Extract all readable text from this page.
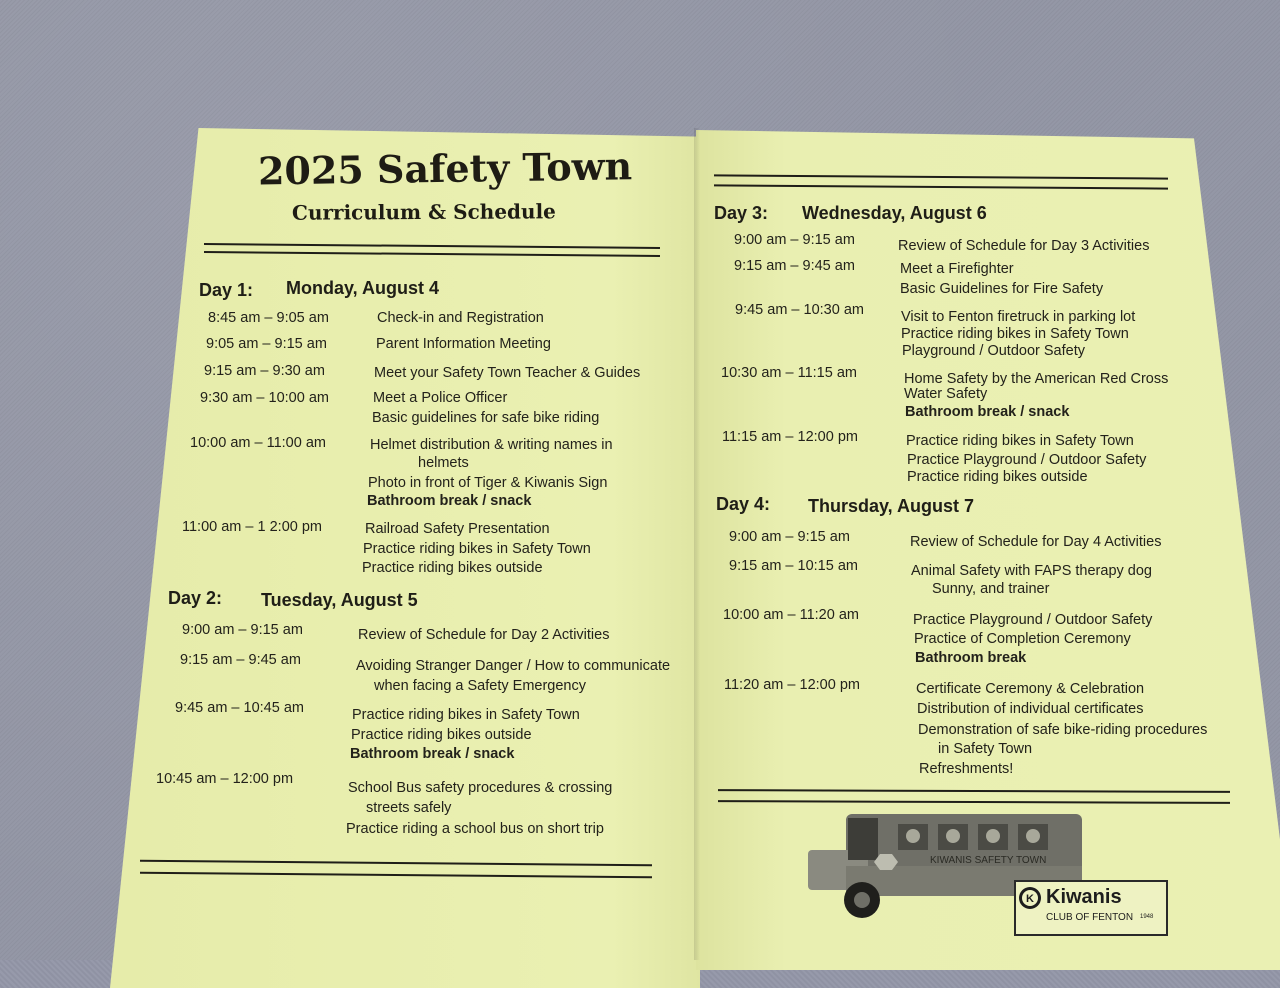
2025 Safety Town
Curriculum & Schedule
Day 1: Monday, August 4
8:45 am – 9:05 am	Check-in and Registration
9:05 am – 9:15 am	Parent Information Meeting
9:15 am – 9:30 am	Meet your Safety Town Teacher & Guides
9:30 am – 10:00 am	Meet a Police Officer
Basic guidelines for safe bike riding
10:00 am – 11:00 am	Helmet distribution & writing names in
helmets
Photo in front of Tiger & Kiwanis Sign
Bathroom break / snack
11:00 am – 1 2:00 pm	Railroad Safety Presentation
Practice riding bikes in Safety Town
Practice riding bikes outside
Day 2: Tuesday, August 5
9:00 am – 9:15 am	Review of Schedule for Day 2 Activities
9:15 am – 9:45 am	Avoiding Stranger Danger / How to communicate
when facing a Safety Emergency
9:45 am – 10:45 am	Practice riding bikes in Safety Town
Practice riding bikes outside
Bathroom break / snack
10:45 am – 12:00 pm
School Bus safety procedures & crossing
streets safely
Practice riding a school bus on short trip
Day 3: Wednesday, August 6
9:00 am – 9:15 am	Review of Schedule for Day 3 Activities
9:15 am – 9:45 am	Meet a Firefighter
Basic Guidelines for Fire Safety
9:45 am – 10:30 am	Visit to Fenton firetruck in parking lot
Practice riding bikes in Safety Town
Playground / Outdoor Safety
10:30 am – 11:15 am	Home Safety by the American Red Cross
Water Safety
Bathroom break / snack
11:15 am – 12:00 pm	Practice riding bikes in Safety Town
Practice Playground / Outdoor Safety
Practice riding bikes outside
Day 4: Thursday, August 7
9:00 am – 9:15 am	Review of Schedule for Day 4 Activities
9:15 am – 10:15 am	Animal Safety with FAPS therapy dog
Sunny, and trainer
10:00 am – 11:20 am	Practice Playground / Outdoor Safety
Practice of Completion Ceremony
Bathroom break
11:20 am – 12:00 pm	Certificate Ceremony & Celebration
Distribution of individual certificates
Demonstration of safe bike-riding procedures
in Safety Town
Refreshments!
KIWANIS SAFETY TOWN
K Kiwanis
CLUB OF FENTON 1948
